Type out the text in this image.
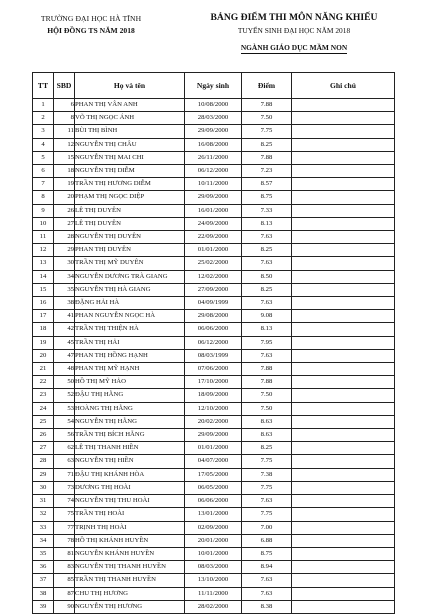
TRƯỜNG ĐẠI HỌC HÀ TĨNH
HỘI ĐỒNG TS NĂM 2018
BẢNG ĐIỂM THI MÔN NĂNG KHIẾU
TUYỂN SINH ĐẠI HỌC NĂM 2018
NGÀNH GIÁO DỤC MẦM NON
TT	SBD	Họ và tên	Ngày sinh	Điểm	Ghi chú
1	6	PHAN THỊ VÂN ANH	10/08/2000	7.88	
2	8	VÕ THỊ NGỌC ÁNH	28/03/2000	7.50	
3	11	BÙI THỊ BÌNH	29/09/2000	7.75	
4	12	NGUYỄN THỊ CHÂU	16/08/2000	8.25	
5	15	NGUYỄN THỊ MAI CHI	26/11/2000	7.88	
6	18	NGUYỄN THỊ DIỄM	06/12/2000	7.23	
7	19	TRẦN THỊ HƯƠNG DIỄM	10/11/2000	8.57	
8	20	PHẠM THỊ NGỌC DIỆP	29/09/2000	8.75	
9	26	LÊ THỊ DUYÊN	16/01/2000	7.33	
10	27	LÊ THỊ DUYÊN	24/09/2000	8.13	
11	28	NGUYỄN THỊ DUYÊN	22/09/2000	7.63	
12	29	PHAN THỊ DUYÊN	01/01/2000	8.25	
13	30	TRẦN THỊ MỸ DUYÊN	25/02/2000	7.63	
14	34	NGUYỄN DƯƠNG TRÀ GIANG	12/02/2000	8.50	
15	35	NGUYỄN THỊ HÀ GIANG	27/09/2000	8.25	
16	38	ĐẶNG HẢI HÀ	04/09/1999	7.63	
17	41	PHAN NGUYỄN NGỌC HÀ	29/08/2000	9.08	
18	42	TRẦN THỊ THIỆN HÀ	06/06/2000	8.13	
19	45	TRẦN THỊ HẢI	06/12/2000	7.95	
20	47	PHAN THỊ HỒNG HẠNH	08/03/1999	7.63	
21	48	PHAN THỊ MỸ HẠNH	07/06/2000	7.88	
22	50	HỒ THỊ MỸ HẢO	17/10/2000	7.88	
23	52	ĐẬU THỊ HẰNG	18/09/2000	7.50	
24	53	HOÀNG THỊ HẰNG	12/10/2000	7.50	
25	54	NGUYỄN THỊ HẰNG	20/02/2000	8.63	
26	56	TRẦN THỊ BÍCH HẰNG	29/09/2000	8.63	
27	62	LÊ THỊ THANH HIỀN	01/01/2000	8.25	
28	63	NGUYỄN THỊ HIỀN	04/07/2000	7.75	
29	71	ĐẬU THỊ KHÁNH HÒA	17/05/2000	7.38	
30	73	DƯƠNG THỊ HOÀI	06/05/2000	7.75	
31	74	NGUYỄN THỊ THU HOÀI	06/06/2000	7.63	
32	75	TRẦN THỊ HOÀI	13/01/2000	7.75	
33	77	TRỊNH THỊ HOÀI	02/09/2000	7.00	
34	78	HỒ THỊ KHÁNH HUYỀN	20/01/2000	6.88	
35	81	NGUYỄN KHÁNH HUYỀN	10/01/2000	8.75	
36	83	NGUYỄN THỊ THANH HUYỀN	08/03/2000	8.94	
37	85	TRẦN THỊ THANH HUYỀN	13/10/2000	7.63	
38	87	CHU THỊ HƯƠNG	11/11/2000	7.63	
39	90	NGUYỄN THỊ HƯƠNG	28/02/2000	8.38	
